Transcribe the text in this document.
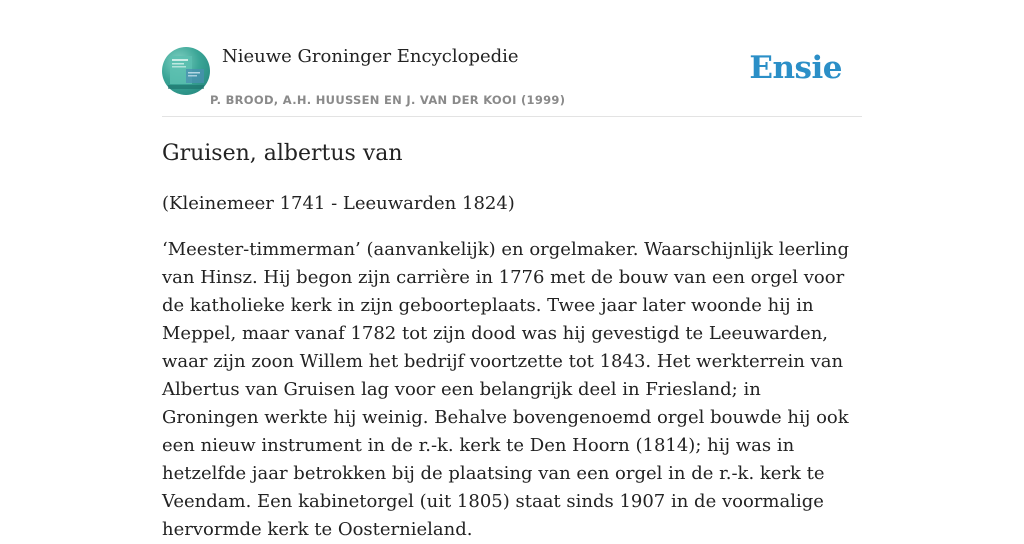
Nieuwe Groninger Encyclopedie
P. BROOD, A.H. HUUSSEN EN J. VAN DER KOOI (1999)
Ensie
Gruisen, albertus van

(Kleinemeer 1741 - Leeuwarden 1824)

‘Meester-timmerman’ (aanvankelijk) en orgelmaker. Waarschijnlijk leerling van Hinsz. Hij begon zijn carrière in 1776 met de bouw van een orgel voor de katholieke kerk in zijn geboorteplaats. Twee jaar later woonde hij in Meppel, maar vanaf 1782 tot zijn dood was hij gevestigd te Leeuwarden, waar zijn zoon Willem het bedrijf voortzette tot 1843. Het werkterrein van Albertus van Gruisen lag voor een belangrijk deel in Friesland; in Groningen werkte hij weinig. Behalve bovengenoemd orgel bouwde hij ook een nieuw instrument in de r.-k. kerk te Den Hoorn (1814); hij was in hetzelfde jaar betrokken bij de plaatsing van een orgel in de r.-k. kerk te Veendam. Een kabinetorgel (uit 1805) staat sinds 1907 in de voormalige hervormde kerk te Oosternieland.
